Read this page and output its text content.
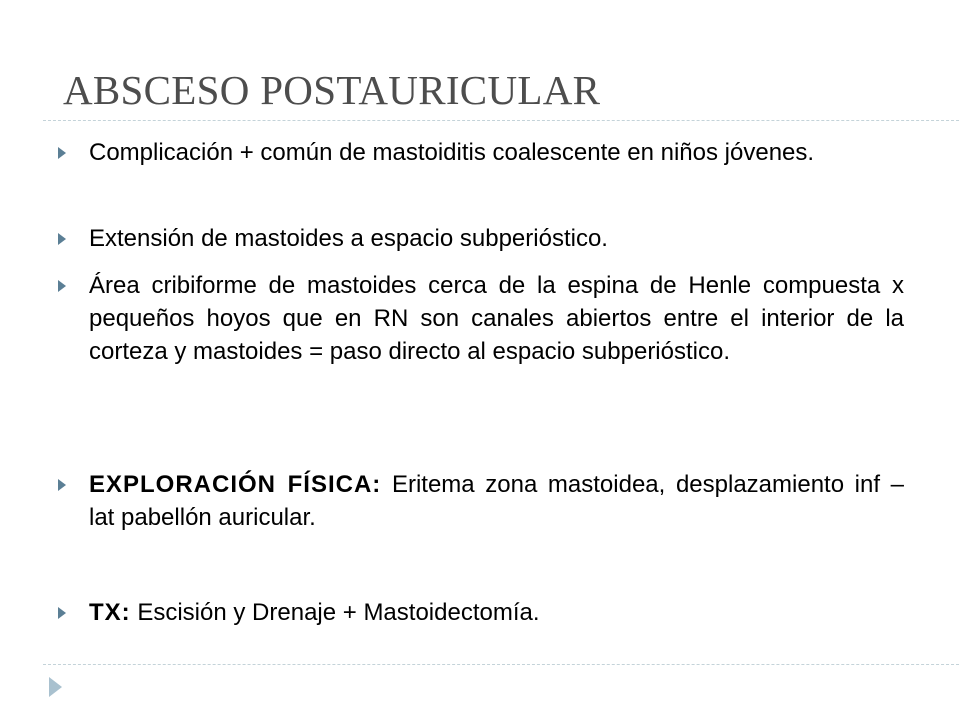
ABSCESO POSTAURICULAR

Complicación + común de mastoiditis coalescente en niños jóvenes.

Extensión de mastoides a espacio subperióstico.

Área cribiforme de mastoides cerca de la espina de Henle compuesta x pequeños hoyos que en RN son canales abiertos entre el interior de la corteza y mastoides = paso directo al espacio subperióstico.

EXPLORACIÓN FÍSICA: Eritema zona mastoidea, desplazamiento inf – lat pabellón auricular.

TX: Escisión y Drenaje + Mastoidectomía.
